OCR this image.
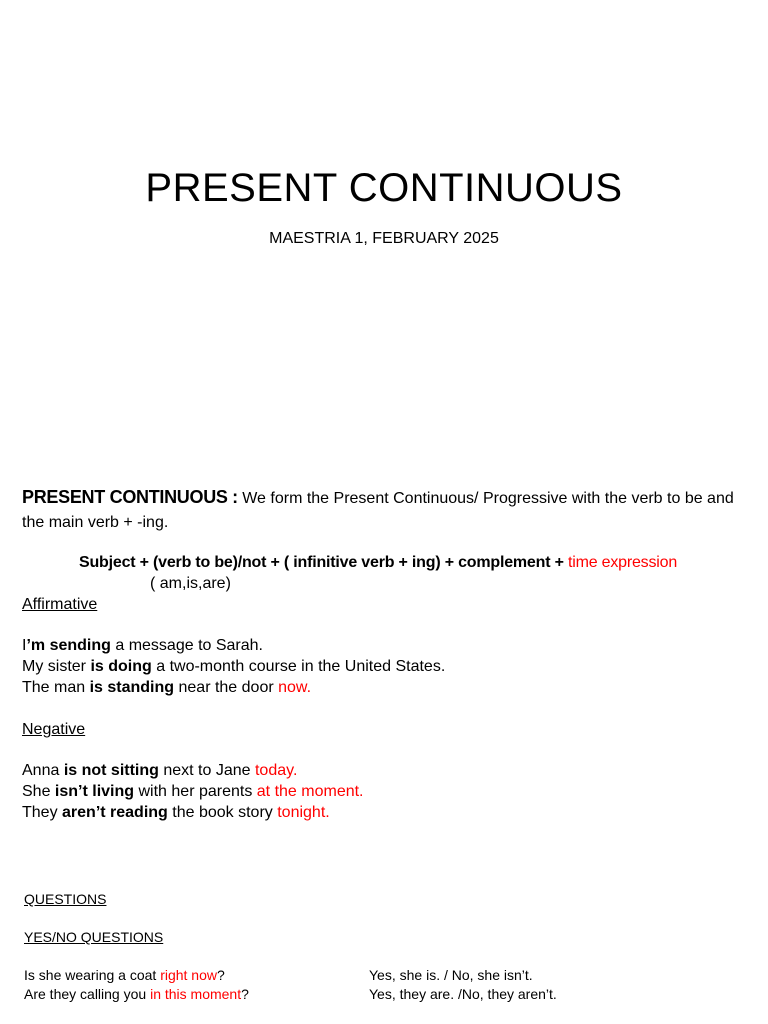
PRESENT CONTINUOUS
MAESTRIA 1, FEBRUARY 2025
PRESENT CONTINUOUS : We form the Present Continuous/ Progressive with the verb to be and the main verb + -ing.
Subject + (verb to be)/not + ( infinitive verb + ing) + complement + time expression
( am,is,are)
Affirmative
I’m sending a message to Sarah.
My sister is doing a two-month course in the United States.
The man is standing near the door now.
Negative
Anna is not sitting next to Jane today.
She isn’t living with her parents at the moment.
They aren’t reading the book story tonight.
QUESTIONS
YES/NO QUESTIONS
Is she wearing a coat right now?	Yes, she is. / No, she isn’t.
Are they calling you in this moment?	Yes, they are. /No, they aren’t.
